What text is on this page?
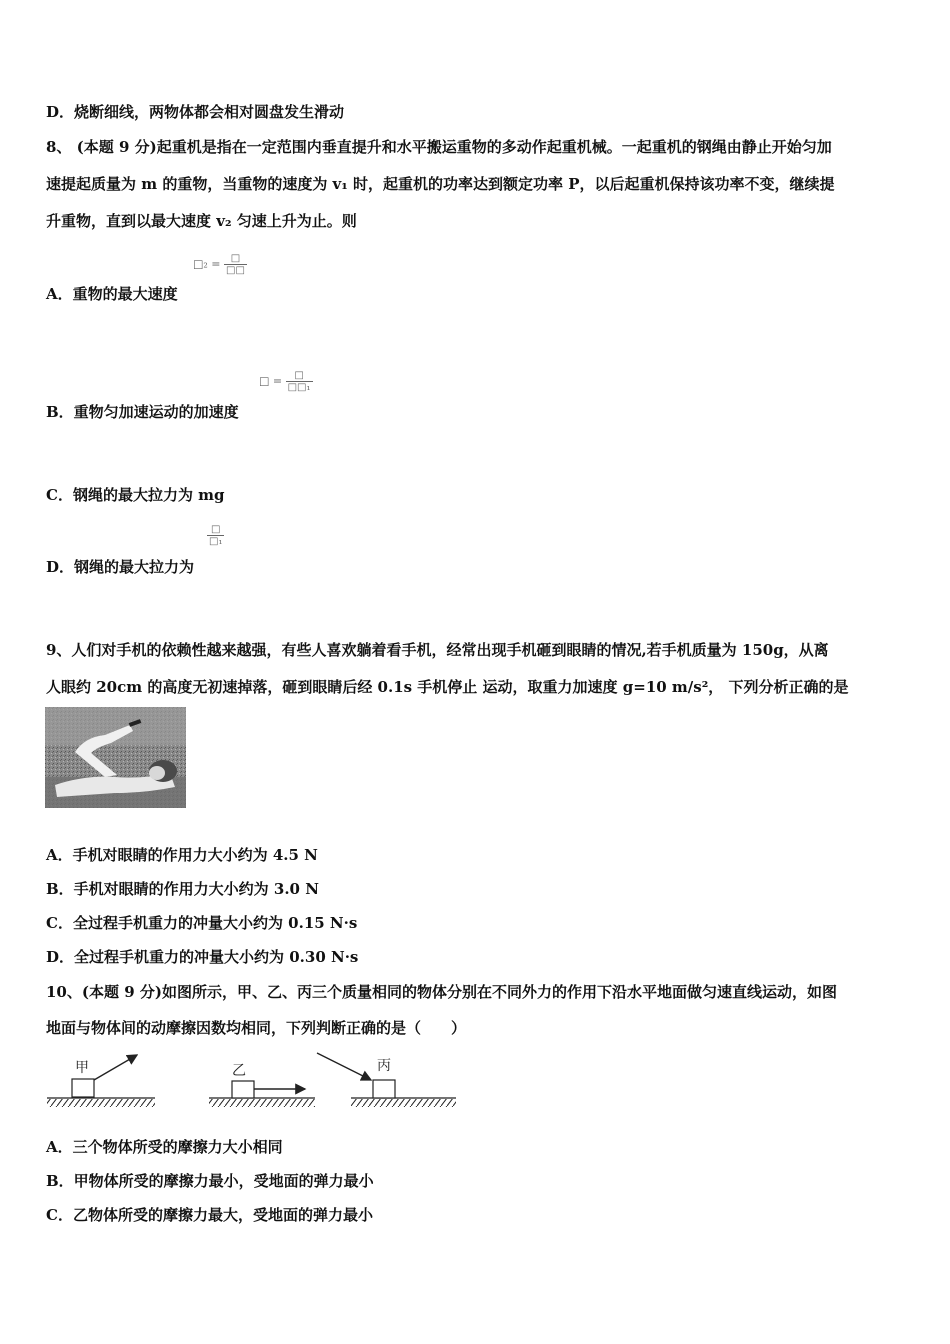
D．烧断细线，两物体都会相对圆盘发生滑动
8、 (本题 9 分)起重机是指在一定范围内垂直提升和水平搬运重物的多动作起重机械。一起重机的钢绳由静止开始匀加
速提起质量为 m 的重物，当重物的速度为 v₁ 时，起重机的功率达到额定功率 P，以后起重机保持该功率不变，继续提
升重物，直到以最大速度 v₂ 匀速上升为止。则
□₂ = $\frac{□}{□□}$
A．重物的最大速度
□ = $\frac{□}{\text{□□₁}}$
B．重物匀加速运动的加速度
C．钢绳的最大拉力为 mg
$\frac{□}{\text{□₁}}$
D．钢绳的最大拉力为
9、人们对手机的依赖性越来越强，有些人喜欢躺着看手机，经常出现手机砸到眼睛的情况,若手机质量为 150g，从离
人眼约 20cm 的高度无初速掉落，砸到眼睛后经 0.1s 手机停止 运动，取重力加速度 g=10 m/s²， 下列分析正确的是
A．手机对眼睛的作用力大小约为 4.5 N
B．手机对眼睛的作用力大小约为 3.0 N
C．全过程手机重力的冲量大小约为 0.15 N·s
D．全过程手机重力的冲量大小约为 0.30 N·s
10、(本题 9 分)如图所示，甲、乙、丙三个质量相同的物体分别在不同外力的作用下沿水平地面做匀速直线运动，如图
地面与物体间的动摩擦因数均相同，下列判断正确的是（　　）
甲	乙	丙
A．三个物体所受的摩擦力大小相同
B．甲物体所受的摩擦力最小，受地面的弹力最小
C．乙物体所受的摩擦力最大，受地面的弹力最小
